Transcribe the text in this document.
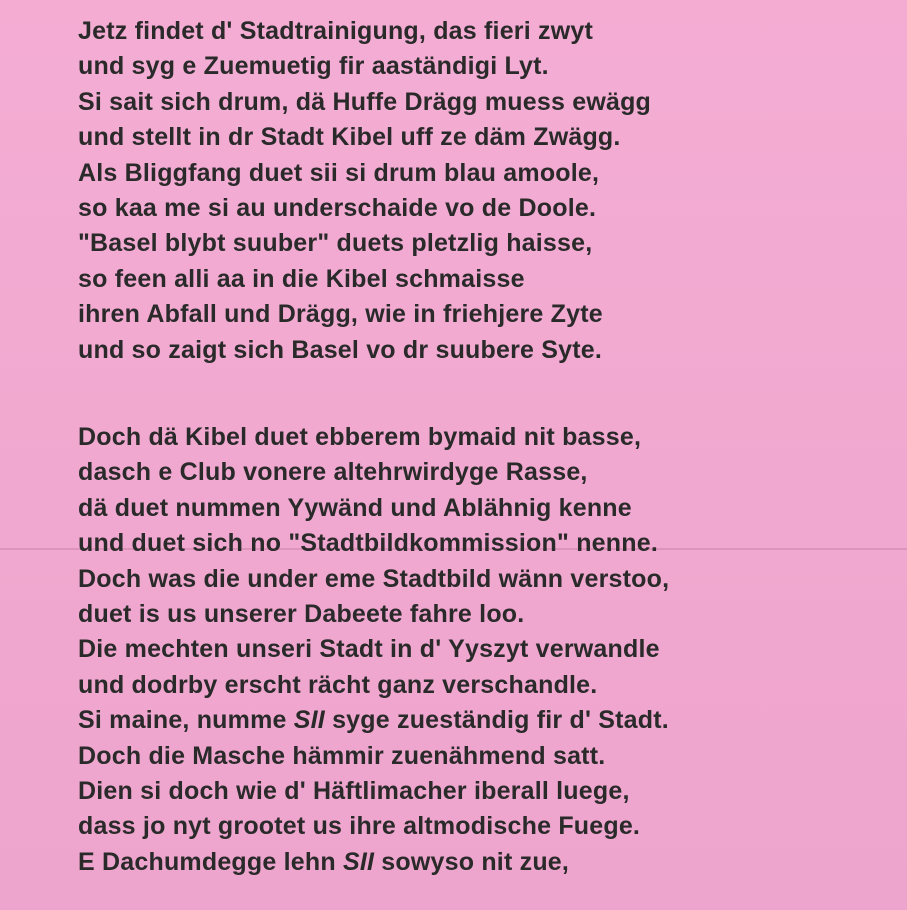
Jetz findet d' Stadtrainigung, das fieri zwyt
und syg e Zuemuetig fir aaständigi Lyt.
Si sait sich drum, dä Huffe Drägg muess ewägg
und stellt in dr Stadt Kibel uff ze däm Zwägg.
Als Bliggfang duet sii si drum blau amoole,
so kaa me si au underschaide vo de Doole.
"Basel blybt suuber" duets pletzlig haisse,
so feen alli aa in die Kibel schmaisse
ihren Abfall und Drägg, wie in friehjere Zyte
und so zaigt sich Basel vo dr suubere Syte.
Doch dä Kibel duet ebberem bymaid nit basse,
dasch e Club vonere altehrwirdyge Rasse,
dä duet nummen Yywänd und Ablähnig kenne
und duet sich no "Stadtbildkommission" nenne.
Doch was die under eme Stadtbild wänn verstoo,
duet is us unserer Dabeete fahre loo.
Die mechten unseri Stadt in d' Yyszyt verwandle
und dodrby erscht rächt ganz verschandle.
Si maine, numme SII syge zueständig fir d' Stadt.
Doch die Masche hämmir zuenähmend satt.
Dien si doch wie d' Häftlimacher iberall luege,
dass jo nyt grootet us ihre altmodische Fuege.
E Dachumdegge lehn SII sowyso nit zue,
